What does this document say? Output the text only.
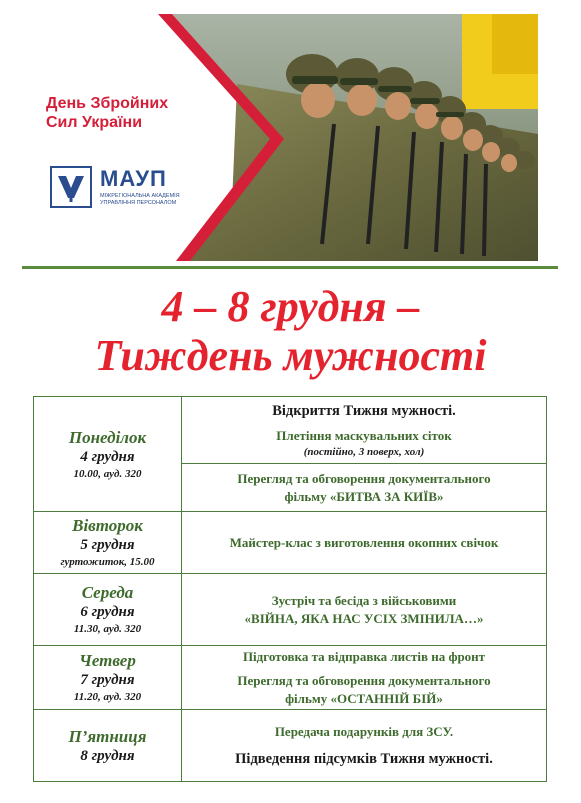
День Збройних
Сил України
МАУП
МІЖРЕГІОНАЛЬНА АКАДЕМІЯ УПРАВЛІННЯ ПЕРСОНАЛОМ
4 – 8 грудня –
Тиждень мужності
Понеділок
4 грудня
10.00, ауд. 320	Відкриття Тижня мужності.
Плетіння маскувальних сіток
(постійно, 3 поверх, хол)

	Перегляд та обговорення документального
фільму «БИТВА ЗА КИЇВ»

Вівторок
5 грудня
гуртожиток, 15.00	Майстер-клас з виготовлення окопних свічок

Середа
6 грудня
11.30, ауд. 320	Зустріч та бесіда з військовими
«ВІЙНА, ЯКА НАС УСІХ ЗМІНИЛА…»

Четвер
7 грудня
11.20, ауд. 320	Підготовка та відправка листів на фронт
Перегляд та обговорення документального
фільму «ОСТАННІЙ БІЙ»

П’ятниця
8 грудня	Передача подарунків для ЗСУ.
Підведення підсумків Тижня мужності.
